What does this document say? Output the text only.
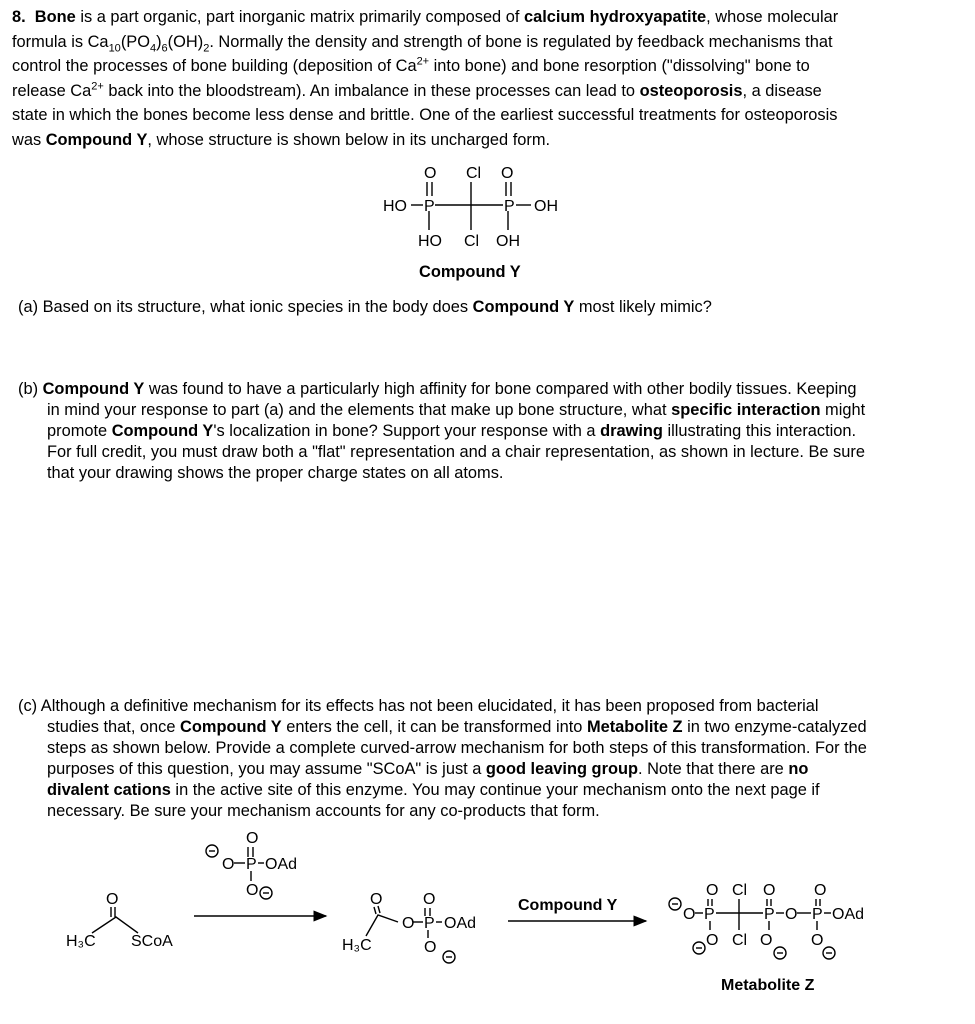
8. Bone is a part organic, part inorganic matrix primarily composed of calcium hydroxyapatite, whose molecular
formula is $Ca_{10}(PO_4)_6(OH)_2$. Normally the density and strength of bone is regulated by feedback mechanisms that
control the processes of bone building (deposition of $Ca^{2+}$ into bone) and bone resorption ("dissolving" bone to
release $Ca^{2+}$ back into the bloodstream). An imbalance in these processes can lead to osteoporosis, a disease
state in which the bones become less dense and brittle. One of the earliest successful treatments for osteoporosis
was Compound Y, whose structure is shown below in its uncharged form.

O Cl O
HO P	P OH
HO Cl OH
Compound Y

(a) Based on its structure, what ionic species in the body does Compound Y most likely mimic?

(b) Compound Y was found to have a particularly high affinity for bone compared with other bodily tissues. Keeping
in mind your response to part (a) and the elements that make up bone structure, what specific interaction might
promote Compound Y's localization in bone? Support your response with a drawing illustrating this interaction.
For full credit, you must draw both a "flat" representation and a chair representation, as shown in lecture. Be sure
that your drawing shows the proper charge states on all atoms.
(c) Although a definitive mechanism for its effects has not been elucidated, it has been proposed from bacterial
studies that, once Compound Y enters the cell, it can be transformed into Metabolite Z in two enzyme-catalyzed
steps as shown below. Provide a complete curved-arrow mechanism for both steps of this transformation. For the
purposes of this question, you may assume "SCoA" is just a good leaving group. Note that there are no
divalent cations in the active site of this enzyme. You may continue your mechanism onto the next page if
necessary. Be sure your mechanism accounts for any co-products that form.
O
P
O OAd
O
O
H₃C SCoA
O	O
O P OAd
H₃C	O
O Cl O O
O P	P O P OAd
O Cl O O
Compound Y
Metabolite Z
